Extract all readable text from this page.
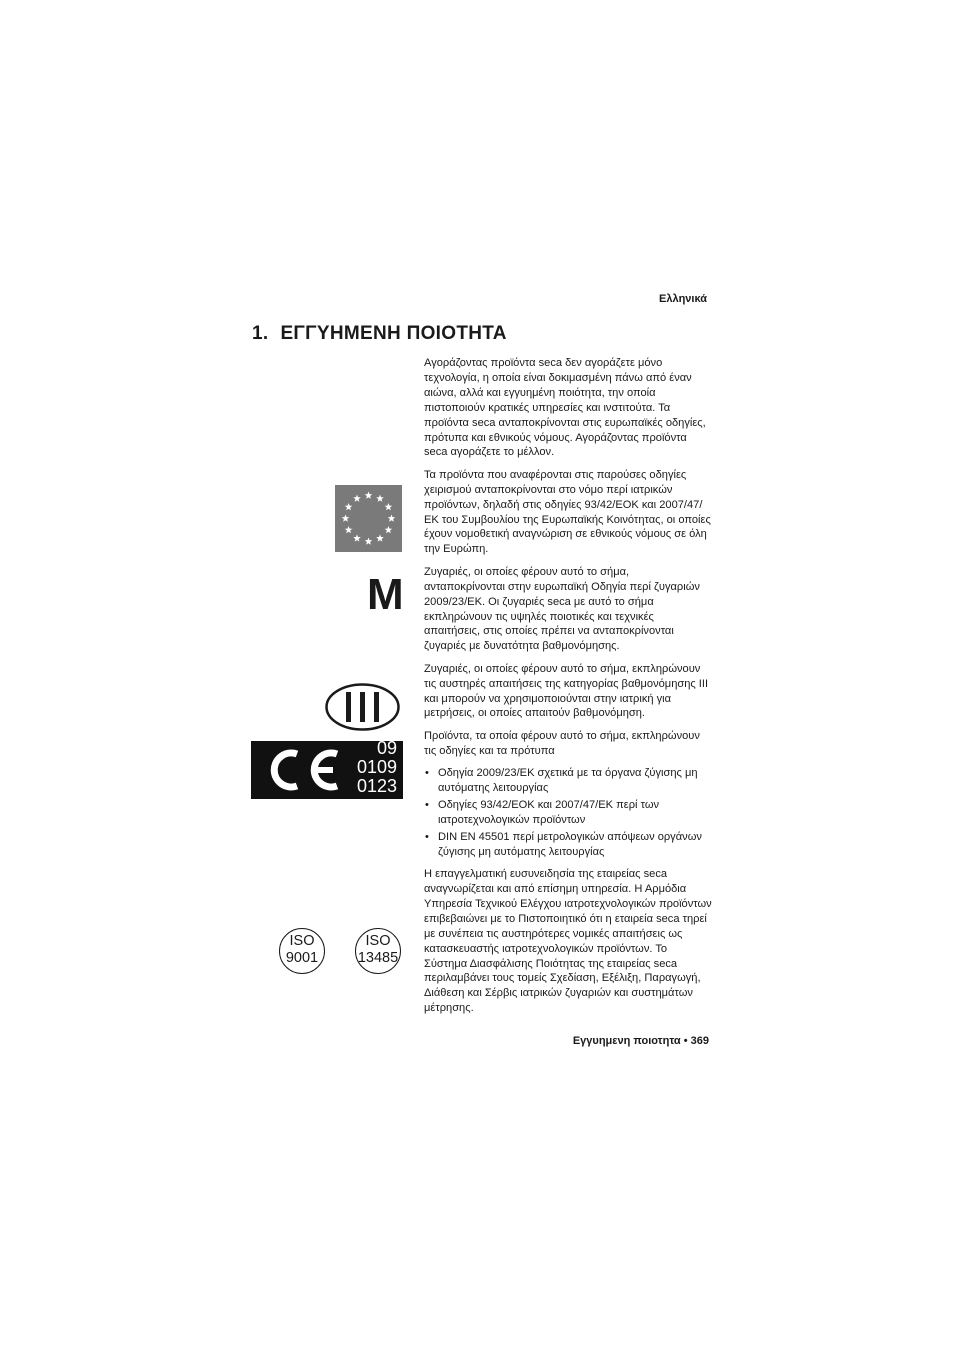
Ελληνικά
1. ΕΓΓΥΗΜΕΝΗ ΠΟΙΟΤΗΤΑ

Αγοράζοντας προϊόντα seca δεν αγοράζετε μόνο τεχνολογία, η οποία είναι δοκιμασμένη πάνω από έναν αιώνα, αλλά και εγγυημένη ποιότητα, την οποία πιστοποιούν κρατικές υπηρεσίες και ινστιτούτα. Τα προϊόντα seca ανταποκρίνονται στις ευρωπαϊκές οδηγίες, πρότυπα και εθνικούς νόμους. Αγοράζοντας προϊόντα seca αγοράζετε το μέλλον.

Τα προϊόντα που αναφέρονται στις παρούσες οδηγίες χειρισμού ανταποκρίνονται στο νόμο περί ιατρικών προϊόντων, δηλαδή στις οδηγίες 93/42/ΕΟΚ και 2007/47/ΕΚ του Συμβουλίου της Ευρωπαϊκής Κοινότητας, οι οποίες έχουν νομοθετική αναγνώριση σε εθνικούς νόμους σε όλη την Ευρώπη.

Ζυγαριές, οι οποίες φέρουν αυτό το σήμα, ανταποκρίνονται στην ευρωπαϊκή Οδηγία περί ζυγαριών 2009/23/ΕΚ. Οι ζυγαριές seca με αυτό το σήμα εκπληρώνουν τις υψηλές ποιοτικές και τεχνικές απαιτήσεις, στις οποίες πρέπει να ανταποκρίνονται ζυγαριές με δυνατότητα βαθμονόμησης.

Ζυγαριές, οι οποίες φέρουν αυτό το σήμα, εκπληρώνουν τις αυστηρές απαιτήσεις της κατηγορίας βαθμονόμησης III και μπορούν να χρησιμοποιούνται στην ιατρική για μετρήσεις, οι οποίες απαιτούν βαθμονόμηση.

Προϊόντα, τα οποία φέρουν αυτό το σήμα, εκπληρώνουν τις οδηγίες και τα πρότυπα

• Οδηγία 2009/23/ΕΚ σχετικά με τα όργανα ζύγισης μη αυτόματης λειτουργίας
• Οδηγίες 93/42/ΕΟΚ και 2007/47/ΕΚ περί των ιατροτεχνολογικών προϊόντων
• DIN EN 45501 περί μετρολογικών απόψεων οργάνων ζύγισης μη αυτόματης λειτουργίας

Η επαγγελματική ευσυνειδησία της εταιρείας seca αναγνωρίζεται και από επίσημη υπηρεσία. Η Αρμόδια Υπηρεσία Τεχνικού Ελέγχου ιατροτεχνολογικών προϊόντων επιβεβαιώνει με το Πιστοποιητικό ότι η εταιρεία seca τηρεί με συνέπεια τις αυστηρότερες νομικές απαιτήσεις ως κατασκευαστής ιατροτεχνολογικών προϊόντων. Το Σύστημα Διασφάλισης Ποιότητας της εταιρείας seca περιλαμβάνει τους τομείς Σχεδίαση, Εξέλιξη, Παραγωγή, Διάθεση και Σέρβις ιατρικών ζυγαριών και συστημάτων μέτρησης.

M
09
0109
0123
ISO
9001
ISO
13485
Εγγυημενη ποιοτητα • 369
